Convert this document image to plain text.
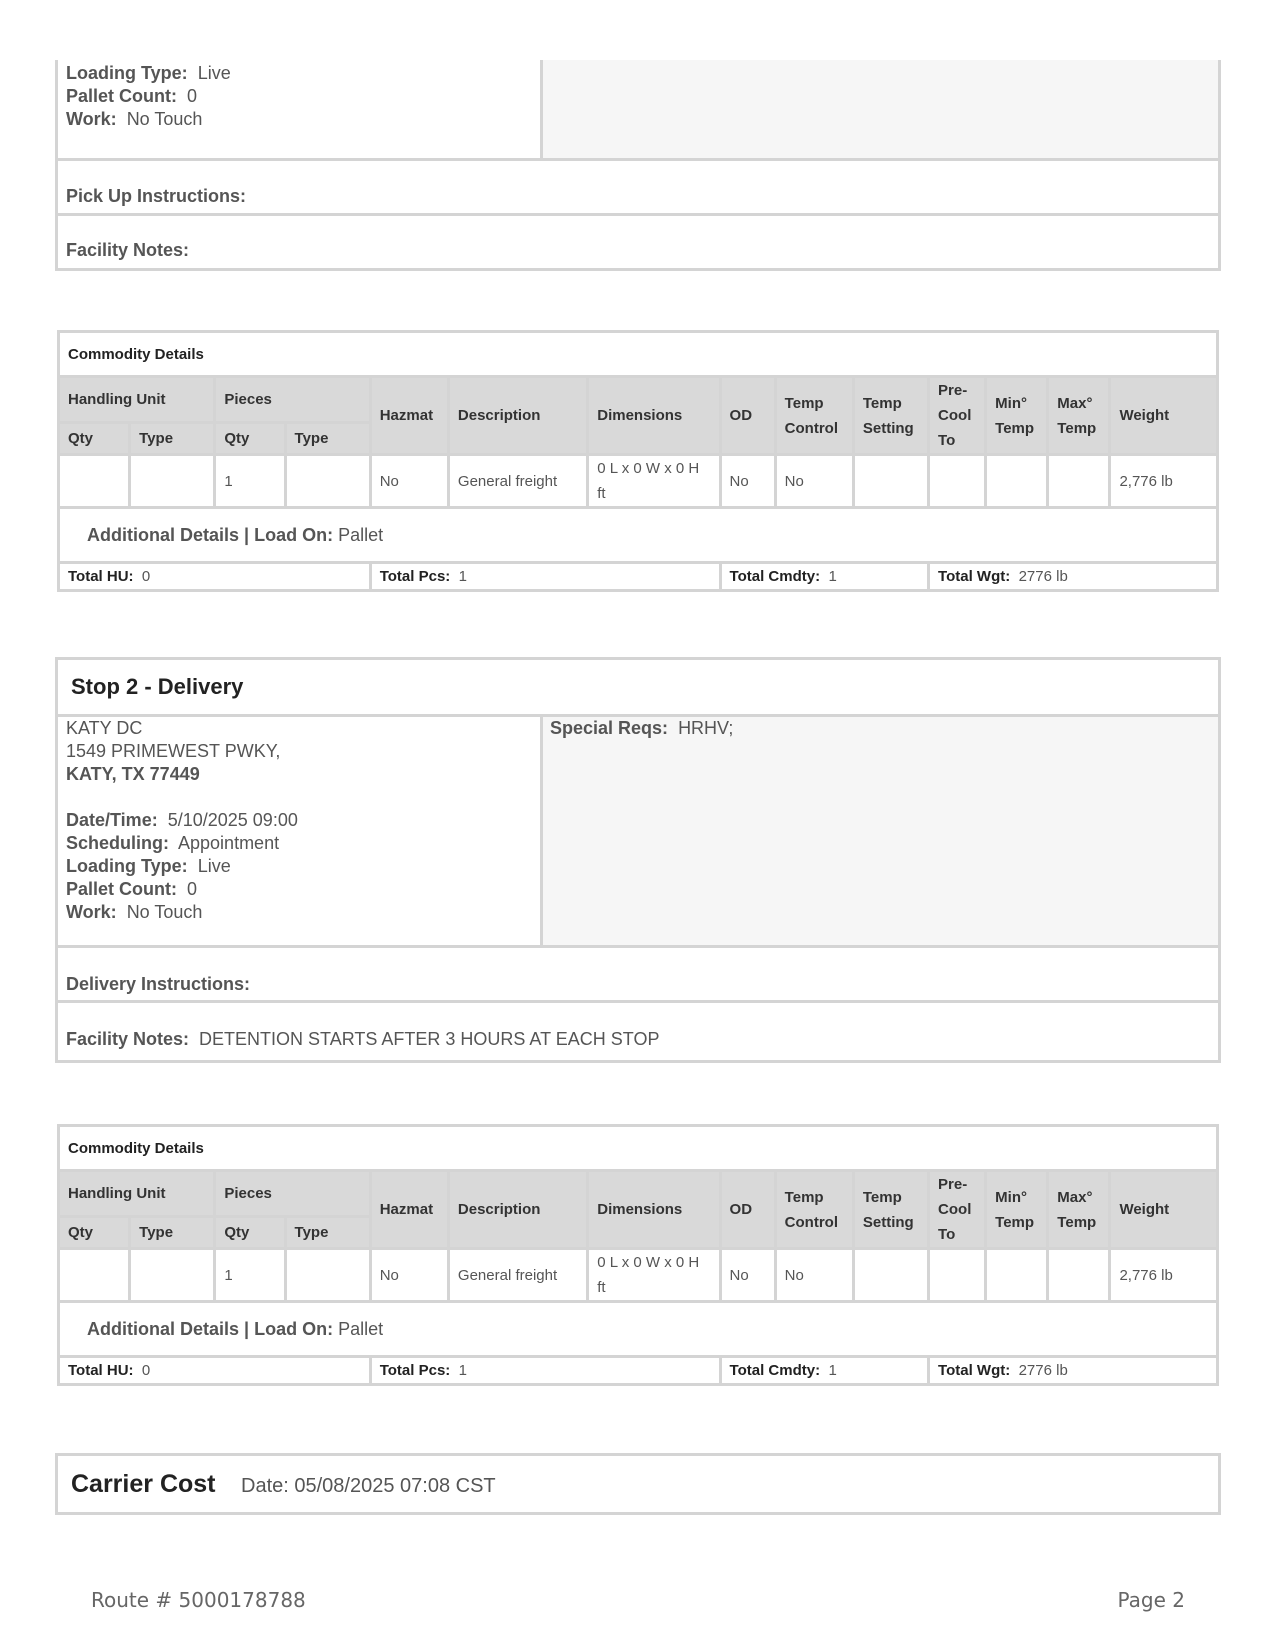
Loading Type: Live
Pallet Count: 0
Work: No Touch
Pick Up Instructions:
Facility Notes:
Commodity Details													
Handling Unit		Pieces		Hazmat	Description	Dimensions	OD	Temp Control	Temp Setting	Pre-Cool To	Min° Temp	Max° Temp	Weight
Qty	Type	Qty	Type										
		1		No	General freight	0 L x 0 W x 0 H ft	No	No					2,776 lb
Additional Details | Load On: Pallet													
Total HU: 0				Total Pcs: 1			Total Cmdty: 1			Total Wgt: 2776 lb			
Stop 2 - Delivery
KATY DC
1549 PRIMEWEST PWKY,
KATY, TX 77449
Date/Time: 5/10/2025 09:00
Scheduling: Appointment
Loading Type: Live
Pallet Count: 0
Work: No Touch
Special Reqs: HRHV;
Delivery Instructions:
Facility Notes: DETENTION STARTS AFTER 3 HOURS AT EACH STOP
Commodity Details													
Handling Unit		Pieces		Hazmat	Description	Dimensions	OD	Temp Control	Temp Setting	Pre-Cool To	Min° Temp	Max° Temp	Weight
Qty	Type	Qty	Type										
		1		No	General freight	0 L x 0 W x 0 H ft	No	No					2,776 lb
Additional Details | Load On: Pallet													
Total HU: 0				Total Pcs: 1			Total Cmdty: 1			Total Wgt: 2776 lb			
Carrier Cost Date: 05/08/2025 07:08 CST
Route # 5000178788	Page 2
